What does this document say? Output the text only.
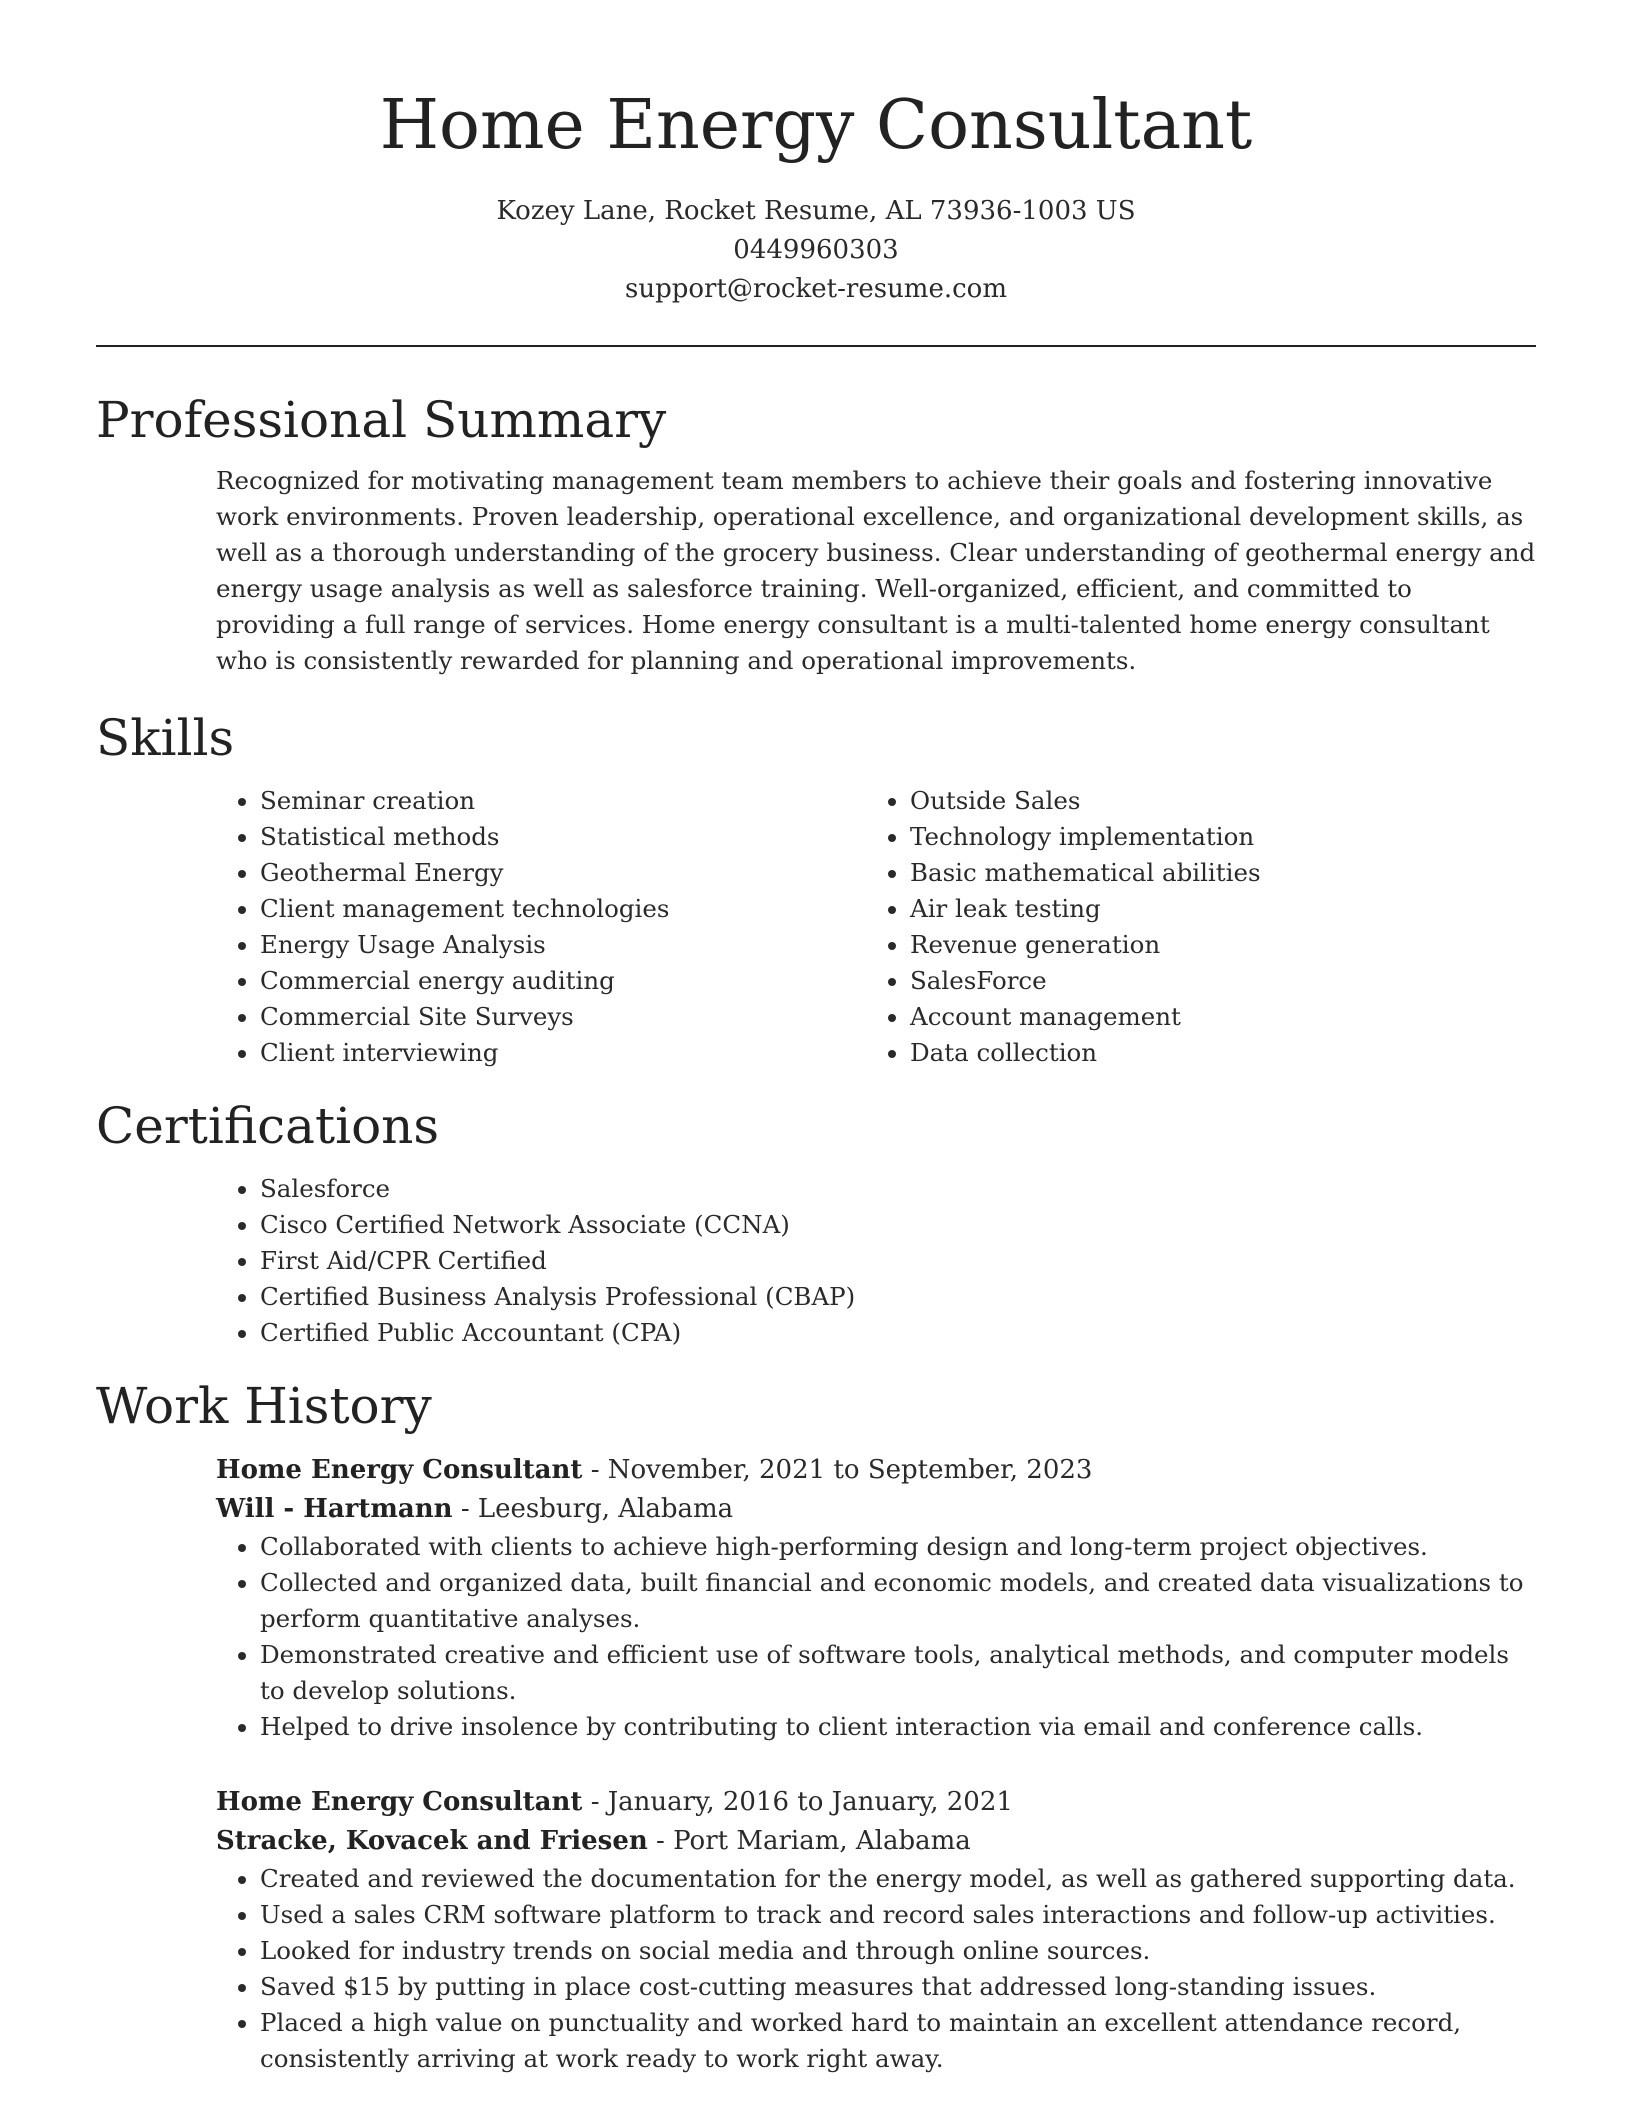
Home Energy Consultant
Kozey Lane, Rocket Resume, AL 73936-1003 US
0449960303
support@rocket-resume.com
Professional Summary
Recognized for motivating management team members to achieve their goals and fostering innovative work environments. Proven leadership, operational excellence, and organizational development skills, as well as a thorough understanding of the grocery business. Clear understanding of geothermal energy and energy usage analysis as well as salesforce training. Well-organized, efficient, and committed to providing a full range of services. Home energy consultant is a multi-talented home energy consultant who is consistently rewarded for planning and operational improvements.
Skills
• Seminar creation
• Statistical methods
• Geothermal Energy
• Client management technologies
• Energy Usage Analysis
• Commercial energy auditing
• Commercial Site Surveys
• Client interviewing
• Outside Sales
• Technology implementation
• Basic mathematical abilities
• Air leak testing
• Revenue generation
• SalesForce
• Account management
• Data collection
Certifications
• Salesforce
• Cisco Certified Network Associate (CCNA)
• First Aid/CPR Certified
• Certified Business Analysis Professional (CBAP)
• Certified Public Accountant (CPA)
Work History
Home Energy Consultant - November, 2021 to September, 2023
Will - Hartmann - Leesburg, Alabama
• Collaborated with clients to achieve high-performing design and long-term project objectives.
• Collected and organized data, built financial and economic models, and created data visualizations to perform quantitative analyses.
• Demonstrated creative and efficient use of software tools, analytical methods, and computer models to develop solutions.
• Helped to drive insolence by contributing to client interaction via email and conference calls.
Home Energy Consultant - January, 2016 to January, 2021
Stracke, Kovacek and Friesen - Port Mariam, Alabama
• Created and reviewed the documentation for the energy model, as well as gathered supporting data.
• Used a sales CRM software platform to track and record sales interactions and follow-up activities.
• Looked for industry trends on social media and through online sources.
• Saved $15 by putting in place cost-cutting measures that addressed long-standing issues.
• Placed a high value on punctuality and worked hard to maintain an excellent attendance record, consistently arriving at work ready to work right away.
